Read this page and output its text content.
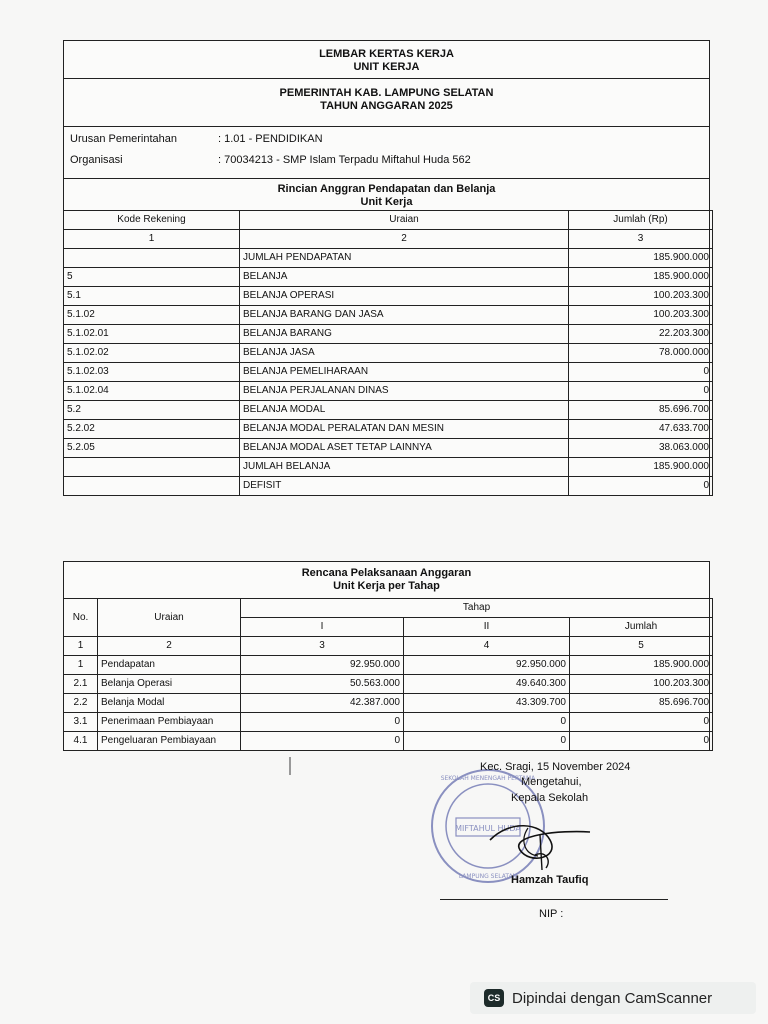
LEMBAR KERTAS KERJA
UNIT KERJA
PEMERINTAH KAB. LAMPUNG SELATAN
TAHUN ANGGARAN 2025
Urusan Pemerintahan	: 1.01 - PENDIDIKAN
Organisasi	: 70034213 - SMP Islam Terpadu Miftahul Huda 562
Rincian Anggran Pendapatan dan Belanja
Unit Kerja
Kode Rekening	Uraian	Jumlah (Rp)
1	2	3
	JUMLAH PENDAPATAN	185.900.000
5	BELANJA	185.900.000
5.1	BELANJA OPERASI	100.203.300
5.1.02	BELANJA BARANG DAN JASA	100.203.300
5.1.02.01	BELANJA BARANG	22.203.300
5.1.02.02	BELANJA JASA	78.000.000
5.1.02.03	BELANJA PEMELIHARAAN	0
5.1.02.04	BELANJA PERJALANAN DINAS	0
5.2	BELANJA MODAL	85.696.700
5.2.02	BELANJA MODAL PERALATAN DAN MESIN	47.633.700
5.2.05	BELANJA MODAL ASET TETAP LAINNYA	38.063.000
	JUMLAH BELANJA	185.900.000
	DEFISIT	0
Rencana Pelaksanaan Anggaran
Unit Kerja per Tahap
No.	Uraian	Tahap		
		I	II	Jumlah
1	2	3	4	5
1	Pendapatan	92.950.000	92.950.000	185.900.000
2.1	Belanja Operasi	50.563.000	49.640.300	100.203.300
2.2	Belanja Modal	42.387.000	43.309.700	85.696.700
3.1	Penerimaan Pembiayaan	0	0	0
4.1	Pengeluaran Pembiayaan	0	0	0
MIFTAHUL HUDA
SEKOLAH MENENGAH PERTAMA
LAMPUNG SELATAN
Kec. Sragi, 15 November 2024
Mengetahui,
Kepala Sekolah
Hamzah Taufiq
NIP :
CS Dipindai dengan CamScanner
